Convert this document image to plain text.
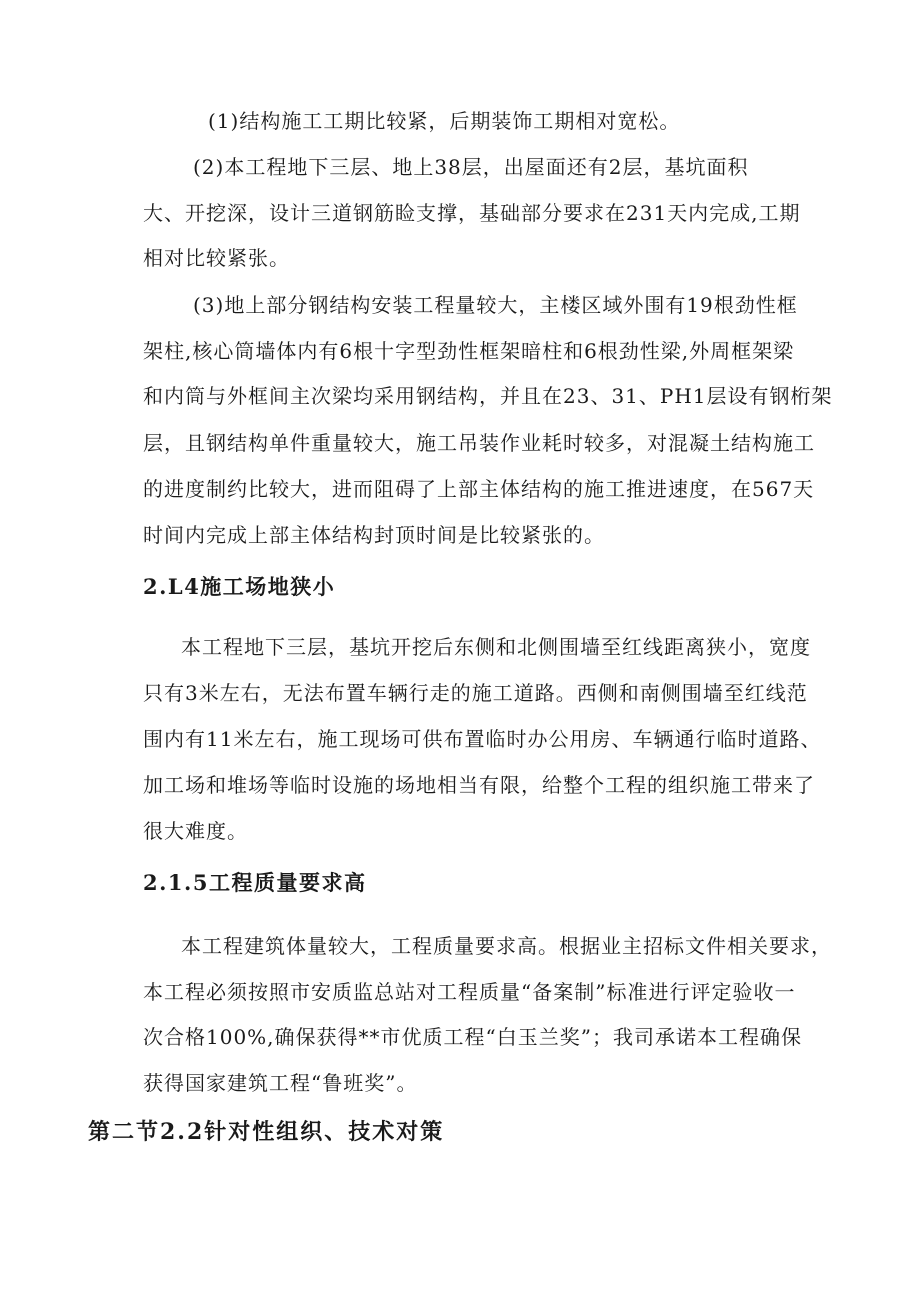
(1)结构施工工期比较紧，后期装饰工期相对宽松。

(2)本工程地下三层、地上38层，出屋面还有2层，基坑面积

大、开挖深，设计三道钢筋睑支撑，基础部分要求在231天内完成,工期

相对比较紧张。

(3)地上部分钢结构安装工程量较大，主楼区域外围有19根劲性框

架柱,核心筒墙体内有6根十字型劲性框架暗柱和6根劲性梁,外周框架梁

和内筒与外框间主次梁均采用钢结构，并且在23、31、PH1层设有钢桁架

层，且钢结构单件重量较大，施工吊装作业耗时较多，对混凝土结构施工

的进度制约比较大，进而阻碍了上部主体结构的施工推进速度，在567天

时间内完成上部主体结构封顶时间是比较紧张的。

2.L4施工场地狭小

本工程地下三层，基坑开挖后东侧和北侧围墙至红线距离狭小，宽度

只有3米左右，无法布置车辆行走的施工道路。西侧和南侧围墙至红线范

围内有11米左右，施工现场可供布置临时办公用房、车辆通行临时道路、

加工场和堆场等临时设施的场地相当有限，给整个工程的组织施工带来了

很大难度。

2.1.5工程质量要求高

本工程建筑体量较大，工程质量要求高。根据业主招标文件相关要求，

本工程必须按照市安质监总站对工程质量“备案制”标准进行评定验收一

次合格100%,确保获得**市优质工程“白玉兰奖”；我司承诺本工程确保

获得国家建筑工程“鲁班奖”。

第二节2.2针对性组织、技术对策
